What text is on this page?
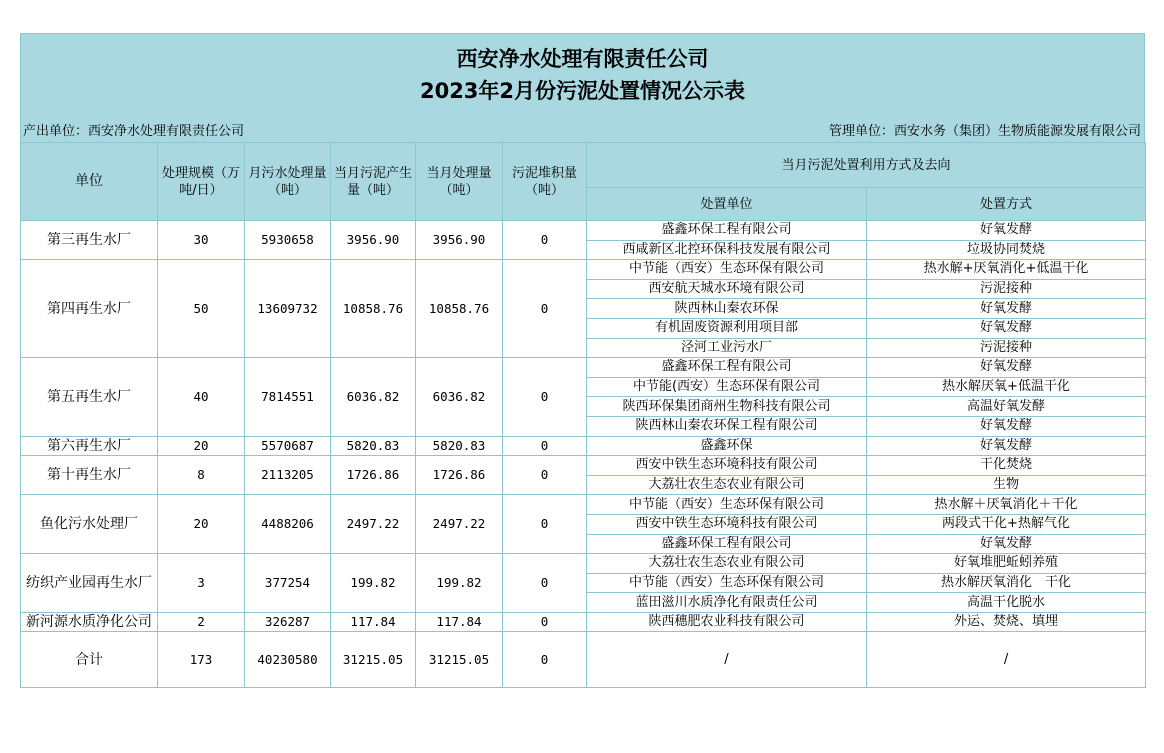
西安净水处理有限责任公司
2023年2月份污泥处置情况公示表
产出单位：西安净水处理有限责任公司	管理单位：西安水务（集团）生物质能源发展有限公司
单位	处理规模（万吨/日）	月污水处理量（吨）	当月污泥产生量（吨）	当月处理量（吨）	污泥堆积量（吨）	当月污泥处置利用方式及去向	
						处置单位	处置方式
第三再生水厂	30	5930658	3956.90	3956.90	0	盛鑫环保工程有限公司	好氧发酵
						西咸新区北控环保科技发展有限公司	垃圾协同焚烧
第四再生水厂	50	13609732	10858.76	10858.76	0	中节能（西安）生态环保有限公司	热水解+厌氧消化+低温干化
						西安航天城水环境有限公司	污泥接种
						陕西林山秦农环保	好氧发酵
						有机固废资源利用项目部	好氧发酵
						泾河工业污水厂	污泥接种
第五再生水厂	40	7814551	6036.82	6036.82	0	盛鑫环保工程有限公司	好氧发酵
						中节能(西安）生态环保有限公司	热水解厌氧+低温干化
						陕西环保集团商州生物科技有限公司	高温好氧发酵
						陕西林山秦农环保工程有限公司	好氧发酵
第六再生水厂	20	5570687	5820.83	5820.83	0	盛鑫环保	好氧发酵
第十再生水厂	8	2113205	1726.86	1726.86	0	西安中铁生态环境科技有限公司	干化焚烧
						大荔壮农生态农业有限公司	生物
鱼化污水处理厂	20	4488206	2497.22	2497.22	0	中节能（西安）生态环保有限公司	热水解＋厌氧消化＋干化
						西安中铁生态环境科技有限公司	两段式干化+热解气化
						盛鑫环保工程有限公司	好氧发酵
纺织产业园再生水厂	3	377254	199.82	199.82	0	大荔壮农生态农业有限公司	好氧堆肥蚯蚓养殖
						中节能（西安）生态环保有限公司	热水解厌氧消化　干化
						蓝田滋川水质净化有限责任公司	高温干化脱水
新河源水质净化公司	2	326287	117.84	117.84	0	陕西穗肥农业科技有限公司	外运、焚烧、填埋
合计	173	40230580	31215.05	31215.05	0	/	/
